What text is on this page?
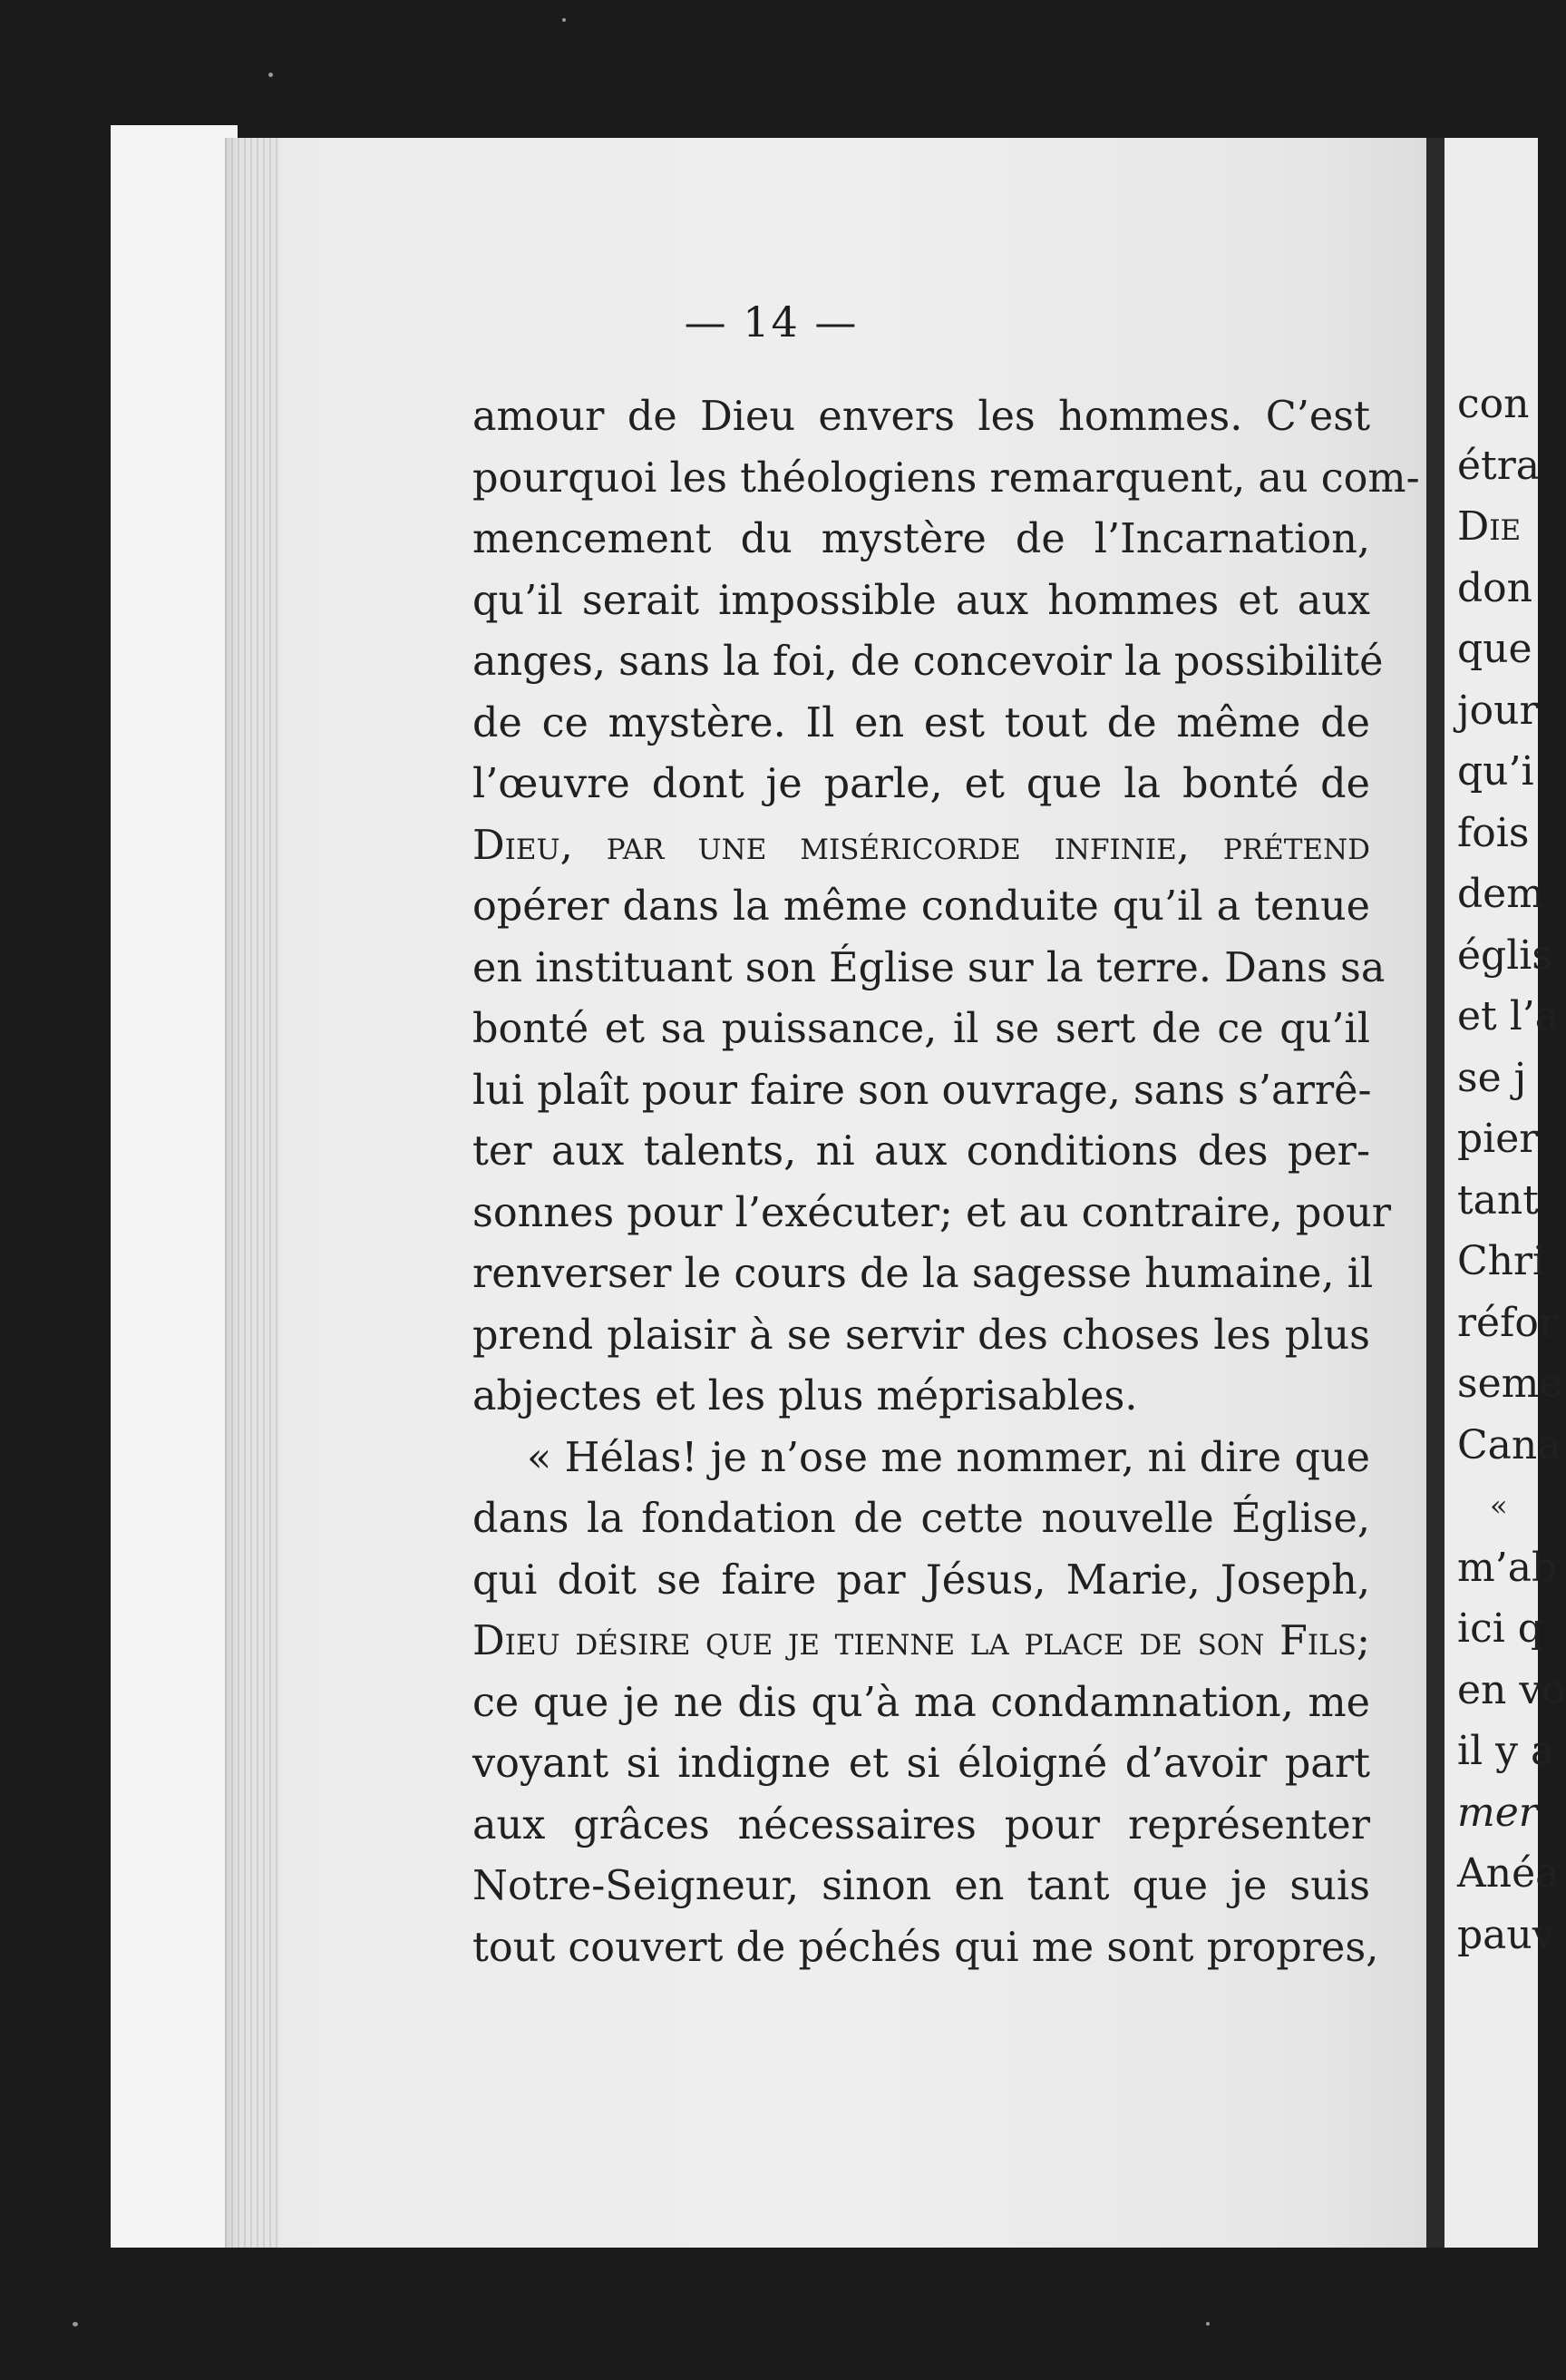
— 14 —
amour de Dieu envers les hommes. C’est
pourquoi les théologiens remarquent, au com-
mencement du mystère de l’Incarnation,
qu’il serait impossible aux hommes et aux
anges, sans la foi, de concevoir la possibilité
de ce mystère. Il en est tout de même de
l’œuvre dont je parle, et que la bonté de
Dieu, par une miséricorde infinie, prétend
opérer dans la même conduite qu’il a tenue
en instituant son Église sur la terre. Dans sa
bonté et sa puissance, il se sert de ce qu’il
lui plaît pour faire son ouvrage, sans s’arrê-
ter aux talents, ni aux conditions des per-
sonnes pour l’exécuter; et au contraire, pour
renverser le cours de la sagesse humaine, il
prend plaisir à se servir des choses les plus
abjectes et les plus méprisables.
« Hélas! je n’ose me nommer, ni dire que
dans la fondation de cette nouvelle Église,
qui doit se faire par Jésus, Marie, Joseph,
Dieu désire que je tienne la place de son Fils;
ce que je ne dis qu’à ma condamnation, me
voyant si indigne et si éloigné d’avoir part
aux grâces nécessaires pour représenter
Notre-Seigneur, sinon en tant que je suis
tout couvert de péchés qui me sont propres,
con
étra
Die
don
que
jour
qu’i
fois
dem
églis
et l’a
se j
pier
tant
Chri
réfor
seme
Cana
«
m’ab
ici q
en vo
il y a
mer
Anéa
pauv
